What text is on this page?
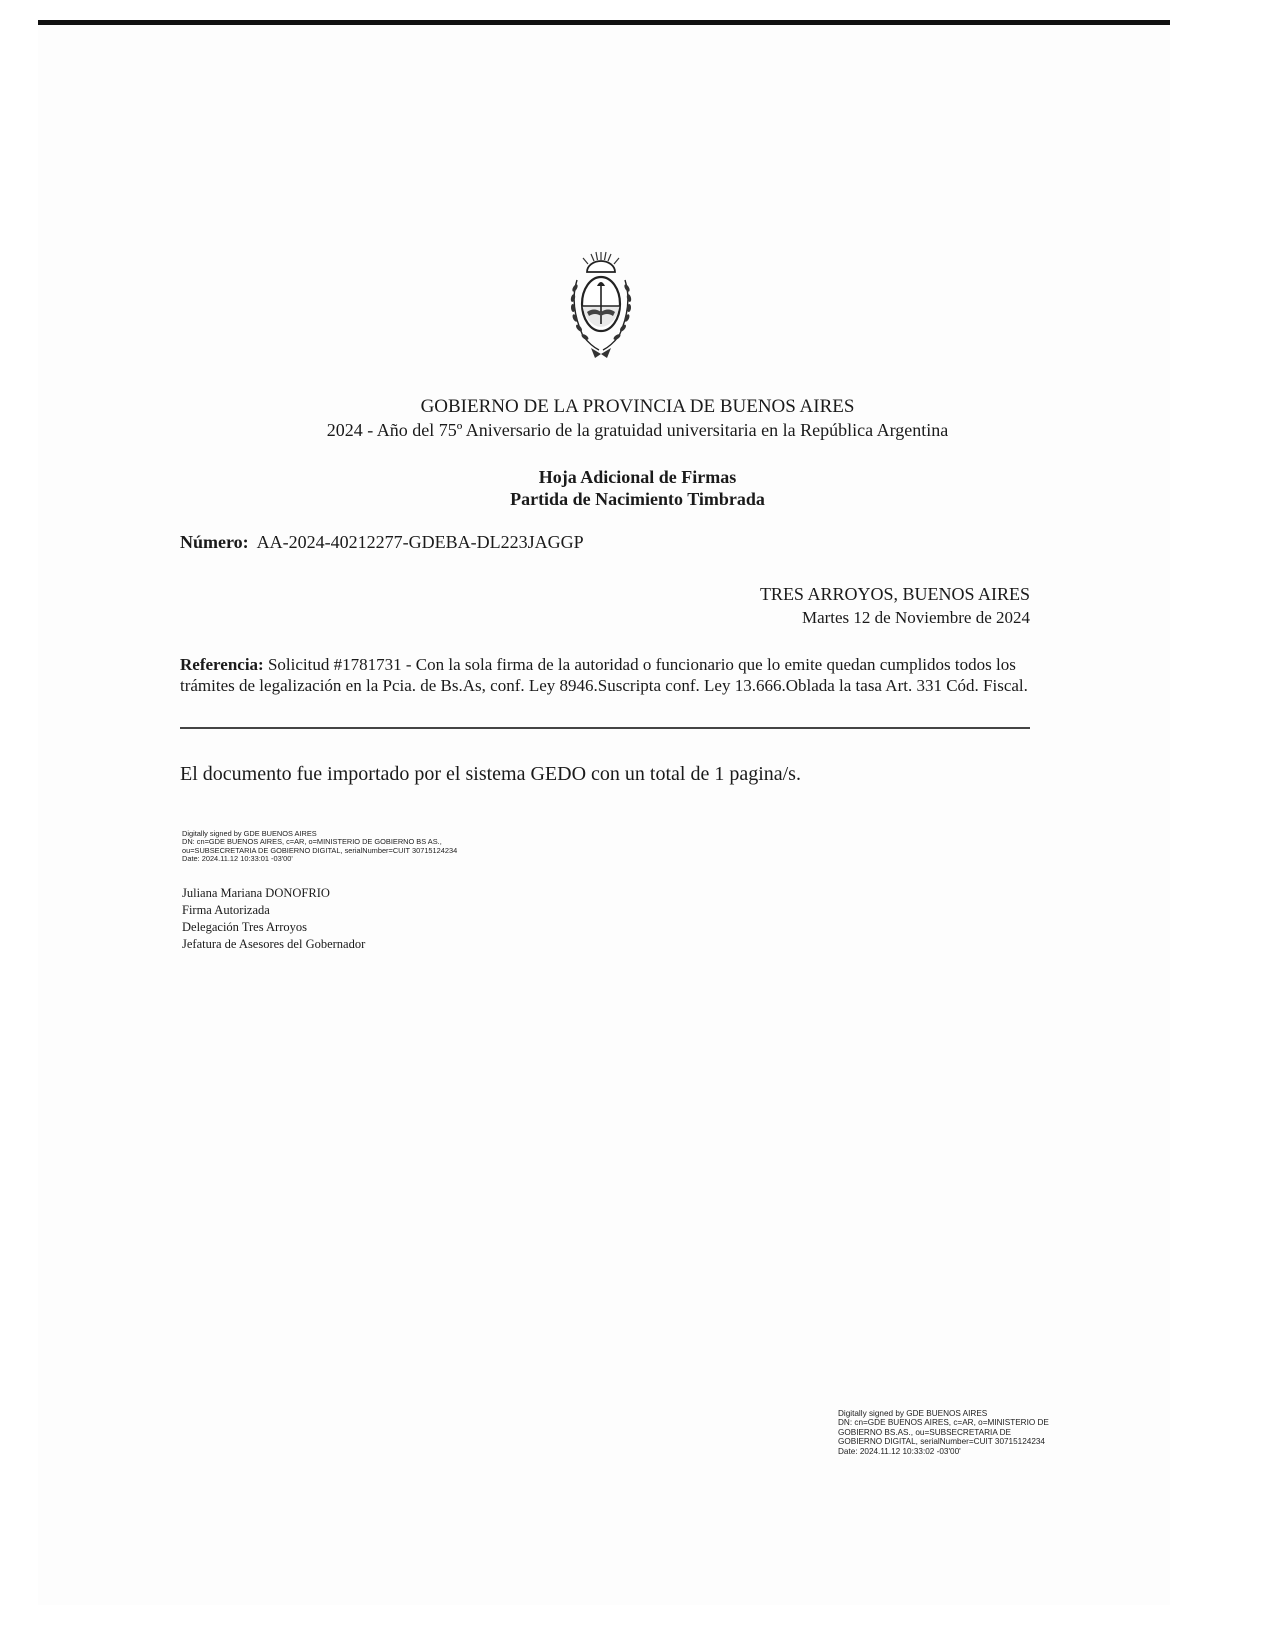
GOBIERNO DE LA PROVINCIA DE BUENOS AIRES
2024 - Año del 75º Aniversario de la gratuidad universitaria en la República Argentina
Hoja Adicional de Firmas
Partida de Nacimiento Timbrada
Número: AA-2024-40212277-GDEBA-DL223JAGGP
TRES ARROYOS, BUENOS AIRES
Martes 12 de Noviembre de 2024
Referencia: Solicitud #1781731 - Con la sola firma de la autoridad o funcionario que lo emite quedan cumplidos todos los trámites de legalización en la Pcia. de Bs.As, conf. Ley 8946.Suscripta conf. Ley 13.666.Oblada la tasa Art. 331 Cód. Fiscal.
El documento fue importado por el sistema GEDO con un total de 1 pagina/s.
Digitally signed by GDE BUENOS AIRES
DN: cn=GDE BUENOS AIRES, c=AR, o=MINISTERIO DE GOBIERNO BS AS.,
ou=SUBSECRETARIA DE GOBIERNO DIGITAL, serialNumber=CUIT 30715124234
Date: 2024.11.12 10:33:01 -03'00'
Juliana Mariana DONOFRIO
Firma Autorizada
Delegación Tres Arroyos
Jefatura de Asesores del Gobernador
Digitally signed by GDE BUENOS AIRES
DN: cn=GDE BUENOS AIRES, c=AR, o=MINISTERIO DE
GOBIERNO BS.AS., ou=SUBSECRETARIA DE
GOBIERNO DIGITAL, serialNumber=CUIT 30715124234
Date: 2024.11.12 10:33:02 -03'00'
